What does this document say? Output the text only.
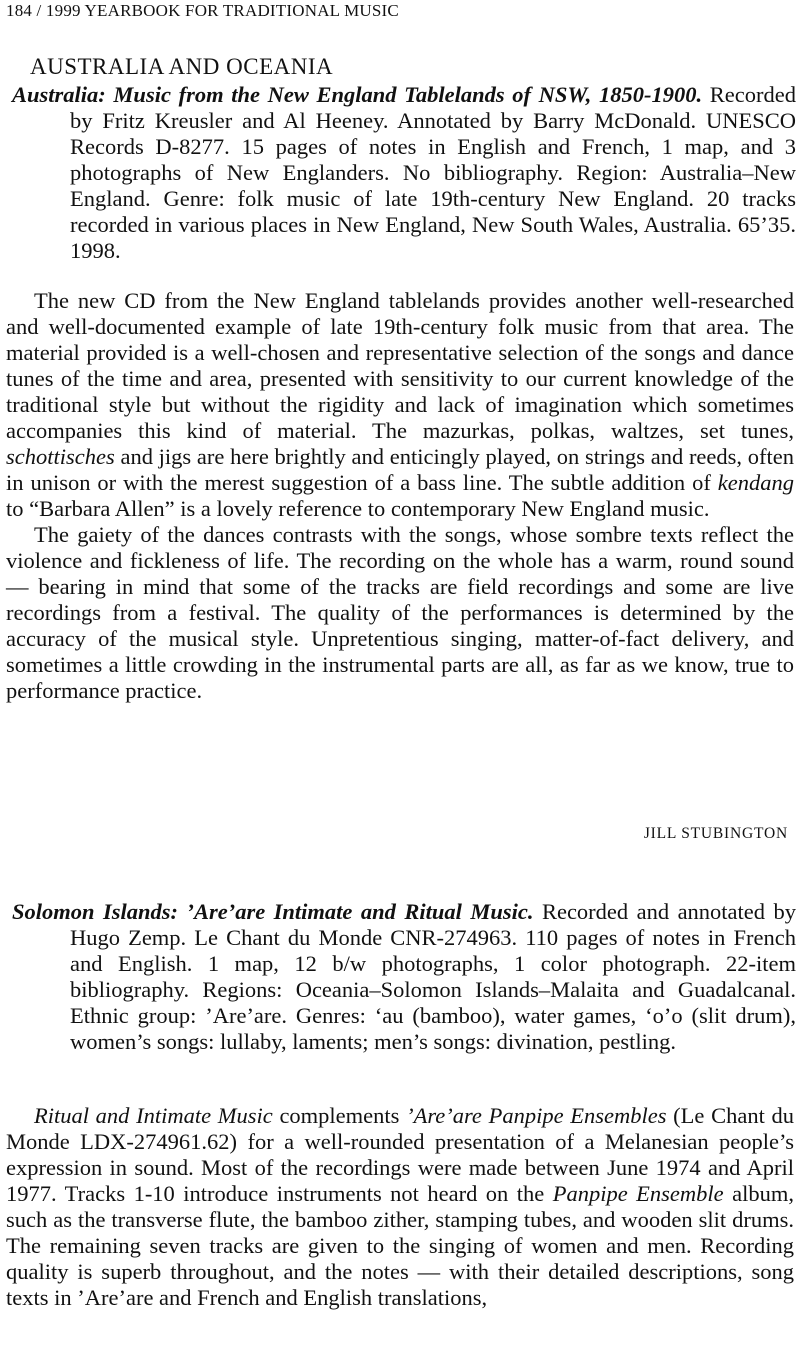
184 / 1999 YEARBOOK FOR TRADITIONAL MUSIC
AUSTRALIA AND OCEANIA
Australia: Music from the New England Tablelands of NSW, 1850-1900. Recorded by Fritz Kreusler and Al Heeney. Annotated by Barry McDonald. UNESCO Records D-8277. 15 pages of notes in English and French, 1 map, and 3 photographs of New Englanders. No bibliography. Region: Australia–New England. Genre: folk music of late 19th-century New England. 20 tracks recorded in various places in New England, New South Wales, Australia. 65’35. 1998.

The new CD from the New England tablelands provides another well-researched and well-documented example of late 19th-century folk music from that area. The material provided is a well-chosen and representative selection of the songs and dance tunes of the time and area, presented with sensitivity to our current knowledge of the traditional style but without the rigidity and lack of imagination which sometimes accompanies this kind of material. The mazurkas, polkas, waltzes, set tunes, schottisches and jigs are here brightly and enticingly played, on strings and reeds, often in unison or with the merest suggestion of a bass line. The subtle addition of kendang to “Barbara Allen” is a lovely reference to contemporary New England music.

The gaiety of the dances contrasts with the songs, whose sombre texts reflect the violence and fickleness of life. The recording on the whole has a warm, round sound — bearing in mind that some of the tracks are field recordings and some are live recordings from a festival. The quality of the performances is determined by the accuracy of the musical style. Unpretentious singing, matter-of-fact delivery, and sometimes a little crowding in the instrumental parts are all, as far as we know, true to performance practice.

JILL STUBINGTON
Solomon Islands: ’Are’are Intimate and Ritual Music. Recorded and annotated by Hugo Zemp. Le Chant du Monde CNR-274963. 110 pages of notes in French and English. 1 map, 12 b/w photographs, 1 color photograph. 22-item bibliography. Regions: Oceania–Solomon Islands–Malaita and Guadalcanal. Ethnic group: ’Are’are. Genres: ‘au (bamboo), water games, ‘o’o (slit drum), women’s songs: lullaby, laments; men’s songs: divination, pestling.

Ritual and Intimate Music complements ’Are’are Panpipe Ensembles (Le Chant du Monde LDX-274961.62) for a well-rounded presentation of a Melanesian people’s expression in sound. Most of the recordings were made between June 1974 and April 1977. Tracks 1-10 introduce instruments not heard on the Panpipe Ensemble album, such as the transverse flute, the bamboo zither, stamping tubes, and wooden slit drums. The remaining seven tracks are given to the singing of women and men. Recording quality is superb throughout, and the notes — with their detailed descriptions, song texts in ’Are’are and French and English translations,
